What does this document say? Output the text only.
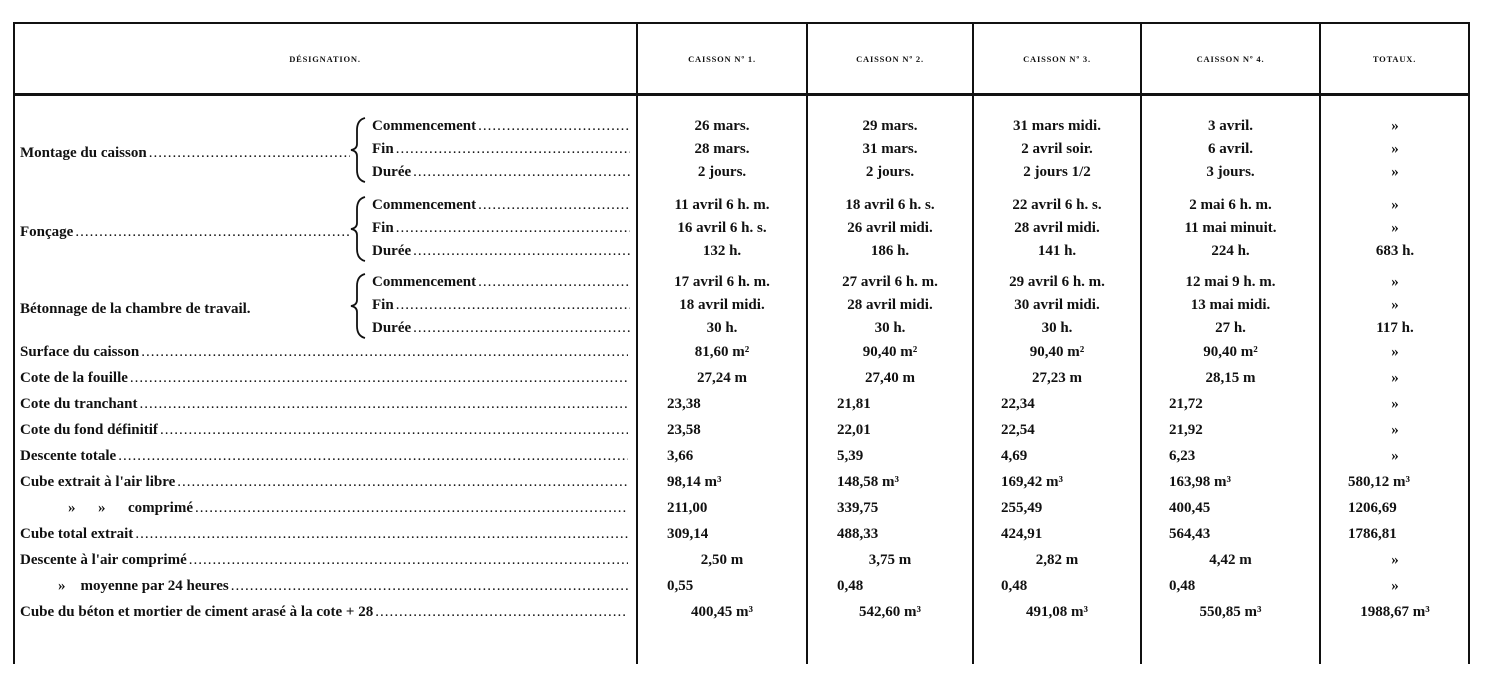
DÉSIGNATION.	CAISSON Nº 1.	CAISSON Nº 2.	CAISSON Nº 3.	CAISSON Nº 4.	TOTAUX.
Montage du caisson
.....
Commencement .....	26 mars.	29 mars.	31 mars midi.	3 avril.	»
Fin .....	28 mars.	31 mars.	2 avril soir.	6 avril.	»
Durée .....	2 jours.	2 jours.	2 jours 1/2	3 jours.	»
Fonçage
.....
Commencement .....	11 avril 6 h. m.	18 avril 6 h. s.	22 avril 6 h. s.	2 mai 6 h. m.	»
Fin .....	16 avril 6 h. s.	26 avril midi.	28 avril midi.	11 mai minuit.	»
Durée .....	132 h.	186 h.	141 h.	224 h.	683 h.
Bétonnage de la chambre de travail.
Commencement .....	17 avril 6 h. m.	27 avril 6 h. m.	29 avril 6 h. m.	12 mai 9 h. m.	»
Fin .....	18 avril midi.	28 avril midi.	30 avril midi.	13 mai midi.	»
Durée .....	30 h.	30 h.	30 h.	27 h.	117 h.
Surface du caisson .....	81,60 m²	90,40 m²	90,40 m²	90,40 m²	»
Cote de la fouille .....	27,24 m	27,40 m	27,23 m	28,15 m	»
Cote du tranchant .....	23,38	21,81	22,34	21,72	»
Cote du fond définitif .....	23,58	22,01	22,54	21,92	»
Descente totale .....	3,66	5,39	4,69	6,23	»
Cube extrait à l'air libre .....	98,14 m³	148,58 m³	169,42 m³	163,98 m³	580,12 m³
»      »      comprimé .....	211,00	339,75	255,49	400,45	1206,69
Cube total extrait .....	309,14	488,33	424,91	564,43	1786,81
Descente à l'air comprimé .....	2,50 m	3,75 m	2,82 m	4,42 m	»
»    moyenne par 24 heures .....	0,55	0,48	0,48	0,48	»
Cube du béton et mortier de ciment arasé à la cote + 28 .....	400,45 m³	542,60 m³	491,08 m³	550,85 m³	1988,67 m³
